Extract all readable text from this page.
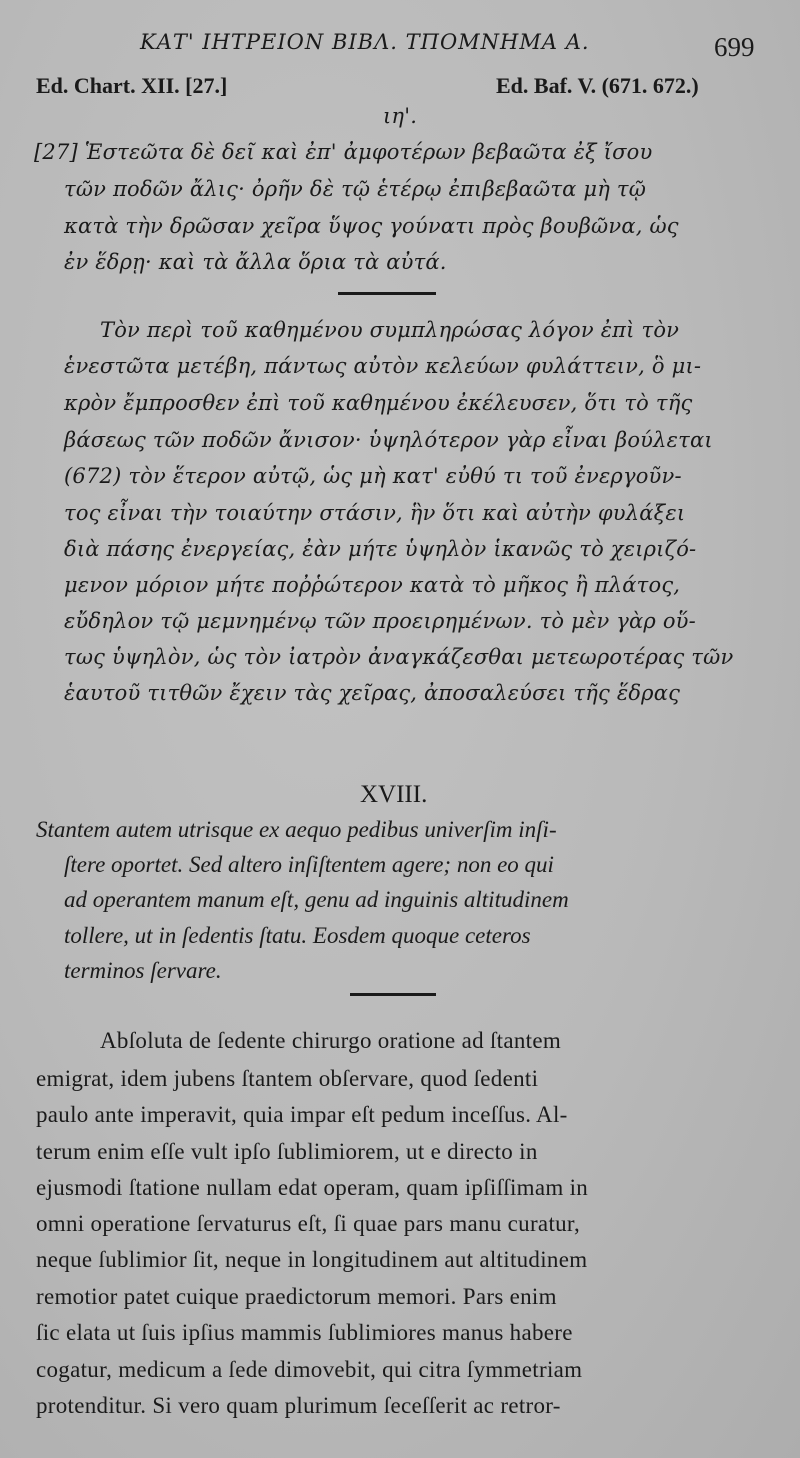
ΚΑΤ' ΙΗΤΡΕΙΟΝ ΒΙΒΛ. ΤΠΟΜΝΗΜΑ Α.	699
Ed. Chart. XII. [27.]	Ed. Baf. V. (671. 672.)
ιη'.
[27] Ἑστεῶτα δὲ δεῖ καὶ ἐπ' ἀμφοτέρων βεβαῶτα ἐξ ἴσου
τῶν ποδῶν ἄλις· ὀρῆν δὲ τῷ ἑτέρῳ ἐπιβεβαῶτα μὴ τῷ
κατὰ τὴν δρῶσαν χεῖρα ὕψος γούνατι πρὸς βουβῶνα, ὡς
ἐν ἕδρῃ· καὶ τὰ ἄλλα ὅρια τὰ αὐτά.
Τὸν περὶ τοῦ καθημένου συμπληρώσας λόγον ἐπὶ τὸν
ἑνεστῶτα μετέβη, πάντως αὐτὸν κελεύων φυλάττειν, ὃ μι-
κρὸν ἔμπροσθεν ἐπὶ τοῦ καθημένου ἐκέλευσεν, ὅτι τὸ τῆς
βάσεως τῶν ποδῶν ἄνισον· ὑψηλότερον γὰρ εἶναι βούλεται
(672) τὸν ἕτερον αὐτῷ, ὡς μὴ κατ' εὐθύ τι τοῦ ἐνεργοῦν-
τος εἶναι τὴν τοιαύτην στάσιν, ἣν ὅτι καὶ αὐτὴν φυλάξει
διὰ πάσης ἐνεργείας, ἐὰν μήτε ὑψηλὸν ἱκανῶς τὸ χειριζό-
μενον μόριον μήτε ποῤῥώτερον κατὰ τὸ μῆκος ἢ πλάτος,
εὔδηλον τῷ μεμνημένῳ τῶν προειρημένων. τὸ μὲν γὰρ οὕ-
τως ὑψηλὸν, ὡς τὸν ἰατρὸν ἀναγκάζεσθαι μετεωροτέρας τῶν
ἑαυτοῦ τιτθῶν ἔχειν τὰς χεῖρας, ἀποσαλεύσει τῆς ἕδρας
XVIII.
Stantem autem utrisque ex aequo pedibus univerſim inſi-
ſtere oportet. Sed altero inſiſtentem agere; non eo qui
ad operantem manum eſt, genu ad inguinis altitudinem
tollere, ut in ſedentis ſtatu. Eosdem quoque ceteros
terminos ſervare.
Abſoluta de ſedente chirurgo oratione ad ſtantem
emigrat, idem jubens ſtantem obſervare, quod ſedenti
paulo ante imperavit, quia impar eſt pedum inceſſus. Al-
terum enim eſſe vult ipſo ſublimiorem, ut e directo in
ejusmodi ſtatione nullam edat operam, quam ipſiſſimam in
omni operatione ſervaturus eſt, ſi quae pars manu curatur,
neque ſublimior ſit, neque in longitudinem aut altitudinem
remotior patet cuique praedictorum memori. Pars enim
ſic elata ut ſuis ipſius mammis ſublimiores manus habere
cogatur, medicum a ſede dimovebit, qui citra ſymmetriam
protenditur. Si vero quam plurimum ſeceſſerit ac retror-
